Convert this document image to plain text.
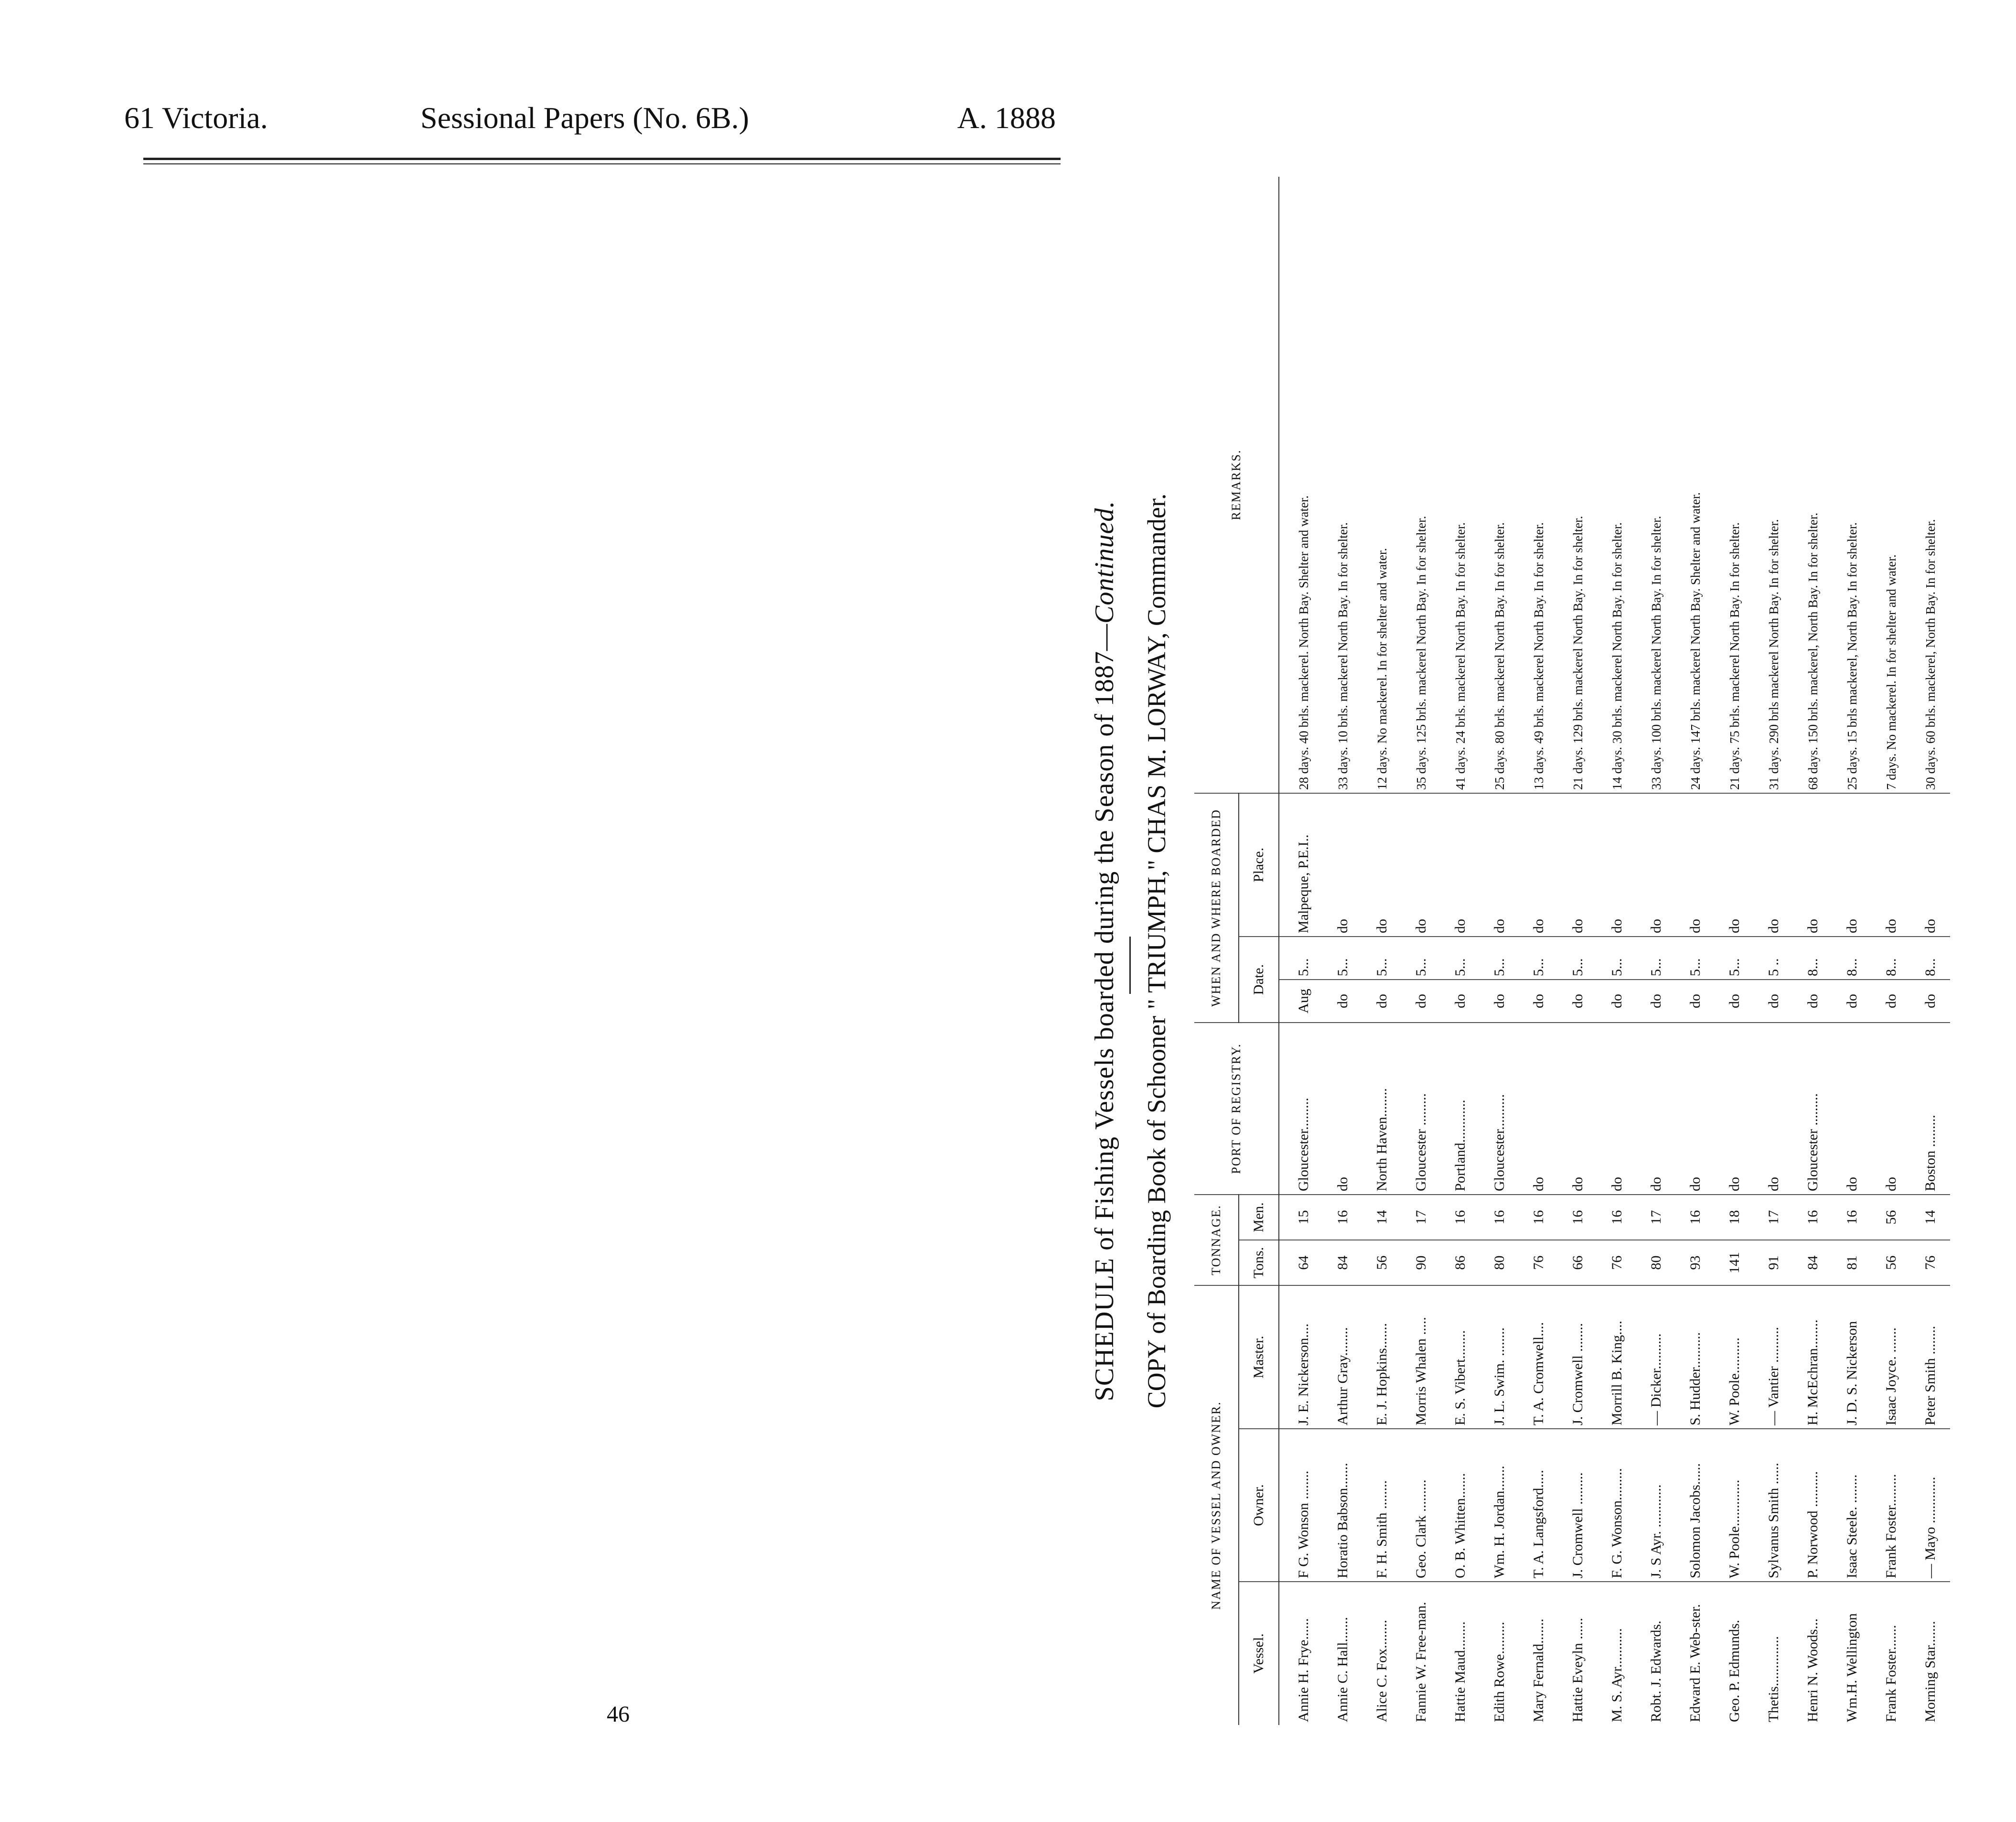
61 Victoria.	Sessional Papers (No. 6B.)	A. 1888
SCHEDULE of Fishing Vessels boarded during the Season of 1887—Continued. COPY of Boarding Book of Schooner " TRIUMPH," CHAS M. LORWAY, Commander.
NAME OF VESSEL AND OWNER.			TONNAGE.		PORT OF REGISTRY.	WHEN AND WHERE BOARDED			REMARKS.
Vessel.	Owner.	Master.	Tons.	Men.		Date.		Place.	
Annie H. Frye......	F G. Wonson ........	J. E. Nickerson....	64	15	Gloucester.........	Aug	5...	Malpeque, P.E.I..	28 days. 40 brls. mackerel. North Bay. Shelter and water.
Annie C. Hall.......	Horatio Babson.......	Arthur Gray........	84	16	do	do	5...	do	33 days. 10 brls. mackerel North Bay. In for shelter.
Alice C. Fox........	F. H. Smith ........	E. J. Hopkins.......	56	14	North Haven........	do	5...	do	12 days. No mackerel. In for shelter and water.
Fannie W. Free-man.	Geo. Clark .........	Morris Whalen .....	90	17	Gloucester .........	do	5...	do	35 days. 125 brls. mackerel North Bay. In for shelter.
Hattie Maud........	O. B. Whitten.......	E. S. Vibert........	86	16	Portland............	do	5...	do	41 days. 24 brls. mackerel North Bay. In for shelter.
Edith Rowe.........	Wm. H. Jordan.......	J. L. Swim. ........	80	16	Gloucester..........	do	5...	do	25 days. 80 brls. mackerel North Bay. In for shelter.
Mary Fernald.......	T. A. Langsford.....	T. A. Cromwell....	76	16	do	do	5...	do	13 days. 49 brls. mackerel North Bay. In for shelter.
Hattie Eveyln ......	J. Cromwell .........	J. Cromwell ........	66	16	do	do	5...	do	21 days. 129 brls. mackerel North Bay. In for shelter.
M. S. Ayr...........	F. G. Wonson.........	Morrill B. King....	76	16	do	do	5...	do	14 days. 30 brls. mackerel North Bay. In for shelter.
Robt. J. Edwards.	J. S Ayr. ............	— Dicker..........	80	17	do	do	5...	do	33 days. 100 brls. mackerel North Bay. In for shelter.
Edward E. Web-ster.	Solomon Jacobs......	S. Hudder..........	93	16	do	do	5...	do	24 days. 147 brls. mackerel North Bay. Shelter and water.
Geo. P. Edmunds.	W. Poole.............	W. Poole..........	141	18	do	do	5...	do	21 days. 75 brls. mackerel North Bay. In for shelter.
Thetis..............	Sylvanus Smith ......	— Vantier ..........	91	17	do	do	5 ..	do	31 days. 290 brls mackerel North Bay. In for shelter.
Henri N. Woods...	P. Norwood ..........	H. McEchran........	84	16	Gloucester .........	do	8...	do	68 days. 150 brls. mackerel, North Bay. In for shelter.
Wm.H. Wellington	Isaac Steele. ........	J. D. S. Nickerson	81	16	do	do	8...	do	25 days. 15 brls mackerel, North Bay. In for shelter.
Frank Foster.......	Frank Foster.........	Isaac Joyce. .......	56	56	do	do	8...	do	7 days. No mackerel. In for shelter and water.
Morning Star.......	— Mayo .............	Peter Smith ........	76	14	Boston .........	do	8...	do	30 days. 60 brls. mackerel, North Bay. In for shelter.
46
